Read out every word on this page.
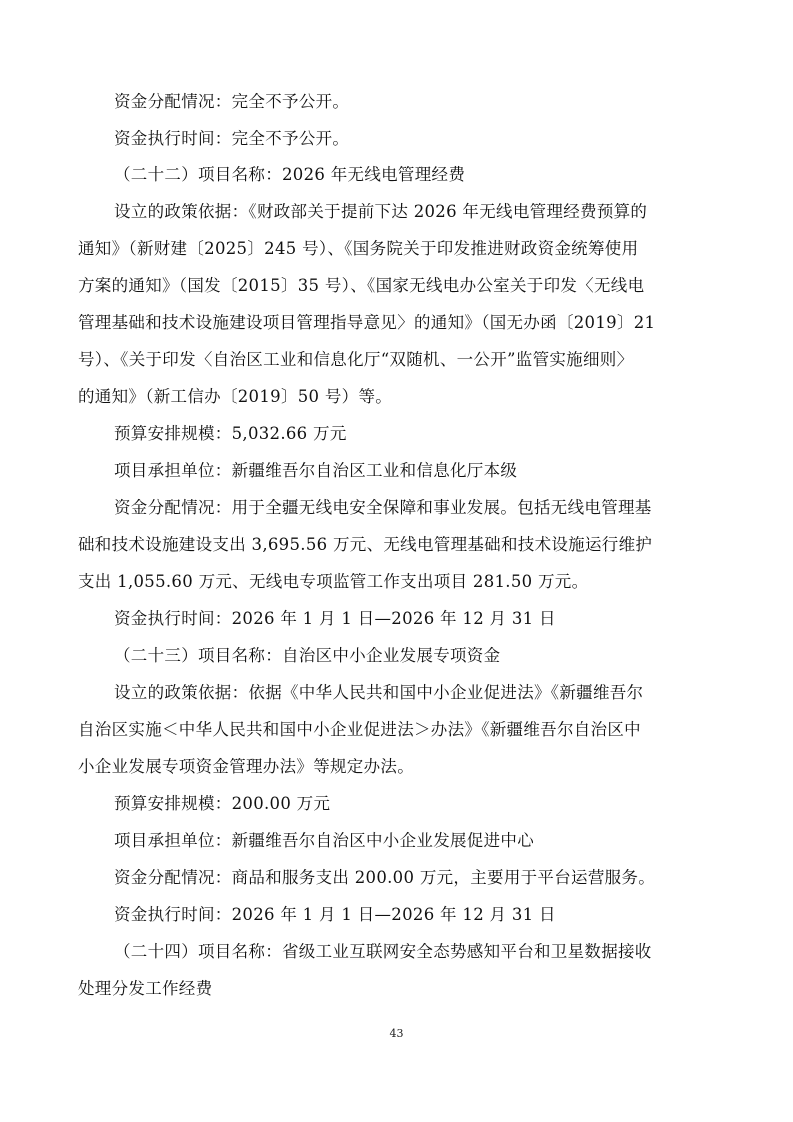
资金分配情况：完全不予公开。
资金执行时间：完全不予公开。
（二十二）项目名称：2026 年无线电管理经费
设立的政策依据：《财政部关于提前下达 2026 年无线电管理经费预算的
通知》（新财建〔2025〕245 号）、《国务院关于印发推进财政资金统筹使用
方案的通知》（国发〔2015〕35 号）、《国家无线电办公室关于印发〈无线电
管理基础和技术设施建设项目管理指导意见〉的通知》（国无办函〔2019〕21
号）、《关于印发〈自治区工业和信息化厅“双随机、一公开”监管实施细则〉
的通知》（新工信办〔2019〕50 号）等。
预算安排规模：5,032.66 万元
项目承担单位：新疆维吾尔自治区工业和信息化厅本级
资金分配情况：用于全疆无线电安全保障和事业发展。包括无线电管理基
础和技术设施建设支出 3,695.56 万元、无线电管理基础和技术设施运行维护
支出 1,055.60 万元、无线电专项监管工作支出项目 281.50 万元。
资金执行时间：2026 年 1 月 1 日—2026 年 12 月 31 日
（二十三）项目名称：自治区中小企业发展专项资金
设立的政策依据：依据《中华人民共和国中小企业促进法》《新疆维吾尔
自治区实施＜中华人民共和国中小企业促进法＞办法》《新疆维吾尔自治区中
小企业发展专项资金管理办法》等规定办法。
预算安排规模：200.00 万元
项目承担单位：新疆维吾尔自治区中小企业发展促进中心
资金分配情况：商品和服务支出 200.00 万元，主要用于平台运营服务。
资金执行时间：2026 年 1 月 1 日—2026 年 12 月 31 日
（二十四）项目名称：省级工业互联网安全态势感知平台和卫星数据接收
处理分发工作经费
43
